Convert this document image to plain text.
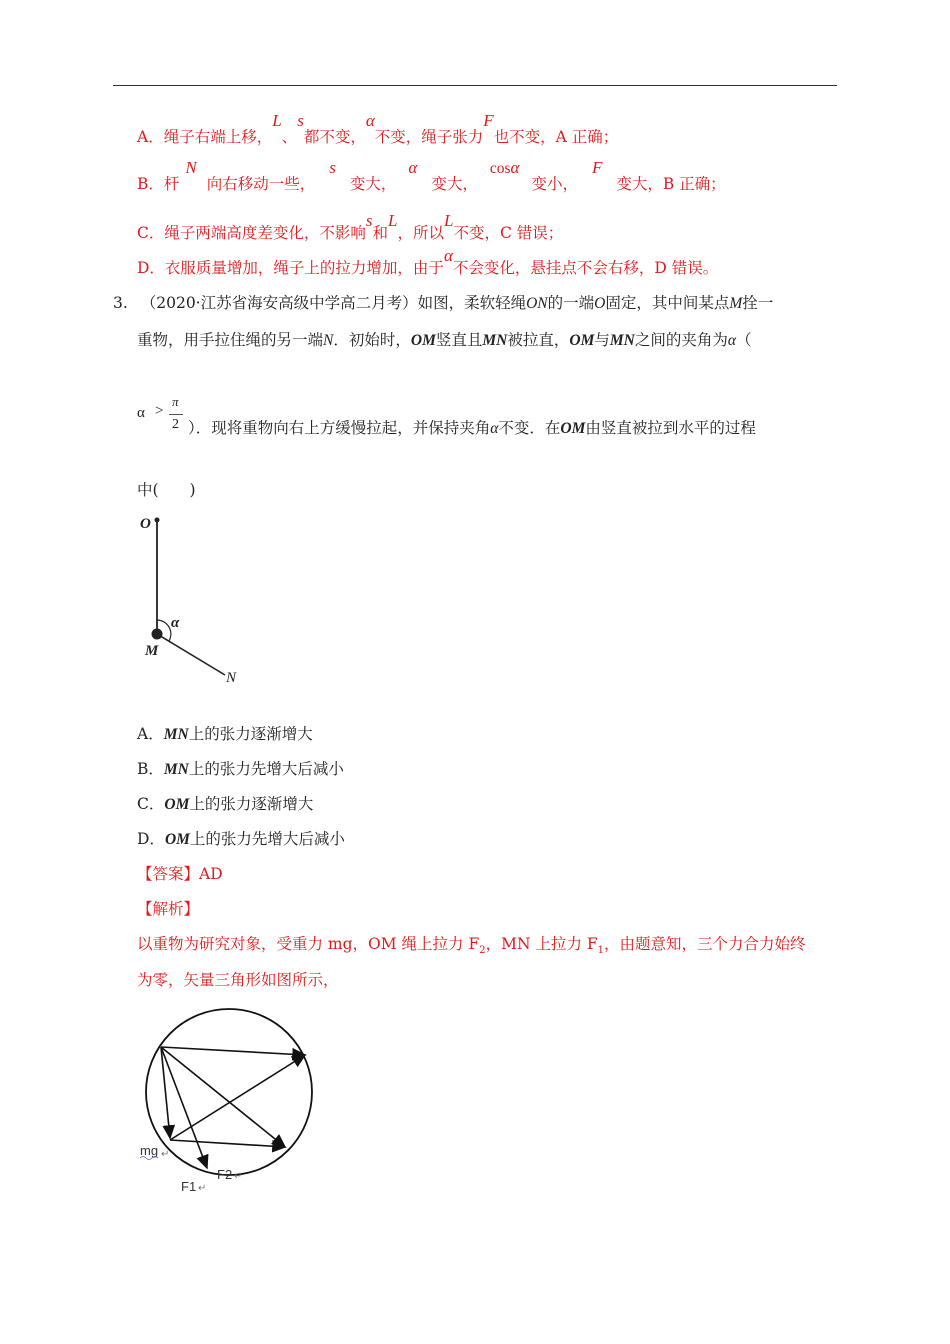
A．绳子右端上移，L、s都不变，α不变，绳子张力F也不变，A 正确；
B．杆N向右移动一些，s变大，α变大，cosα变小，F变大，B 正确；
C．绳子两端高度差变化，不影响s和L，所以L不变，C 错误；
D．衣服质量增加，绳子上的拉力增加，由于α不会变化，悬挂点不会右移，D 错误。
3. （2020·江苏省海安高级中学高二月考）如图，柔软轻绳ON的一端O固定，其中间某点M拴一
重物，用手拉住绳的另一端N．初始时，OM竖直且MN被拉直，OM与MN之间的夹角为α（
α >
π
2 ）．现将重物向右上方缓慢拉起，并保持夹角α不变．在OM由竖直被拉到水平的过程
中(　　)
O
M
N
α
A．MN上的张力逐渐增大
B．MN上的张力先增大后减小
C．OM上的张力逐渐增大
D．OM上的张力先增大后减小
【答案】AD
【解析】
以重物为研究对象，受重力 mg，OM 绳上拉力 $F_2$，MN 上拉力 $F_1$，由题意知，三个力合力始终
为零，矢量三角形如图所示，
mg ↵
F2 ↵
F1 ↵
